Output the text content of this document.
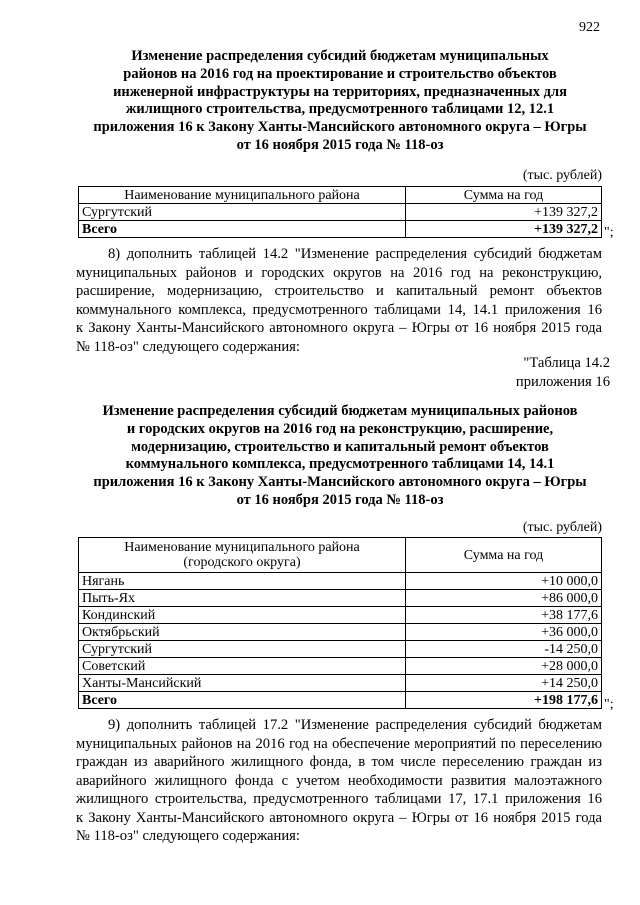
922
Изменение распределения субсидий бюджетам муниципальных
районов на 2016 год на проектирование и строительство объектов
инженерной инфраструктуры на территориях, предназначенных для
жилищного строительства, предусмотренного таблицами 12, 12.1
приложения 16 к Закону Ханты-Мансийского автономного округа – Югры
от 16 ноября 2015 года № 118-оз
(тыс. рублей)
Наименование муниципального района	Сумма на год
Сургутский	+139 327,2
Всего	+139 327,2 ";
8) дополнить таблицей 14.2 "Изменение распределения субсидий бюджетам
муниципальных районов и городских округов на 2016 год на реконструкцию,
расширение, модернизацию, строительство и капитальный ремонт объектов
коммунального комплекса, предусмотренного таблицами 14, 14.1 приложения 16
к Закону Ханты-Мансийского автономного округа – Югры от 16 ноября 2015 года
№ 118-оз" следующего содержания:
"Таблица 14.2
приложения 16
Изменение распределения субсидий бюджетам муниципальных районов
и городских округов на 2016 год на реконструкцию, расширение,
модернизацию, строительство и капитальный ремонт объектов
коммунального комплекса, предусмотренного таблицами 14, 14.1
приложения 16 к Закону Ханты-Мансийского автономного округа – Югры
от 16 ноября 2015 года № 118-оз
(тыс. рублей)
Наименование муниципального района
(городского округа)	Сумма на год
Нягань	+10 000,0
Пыть-Ях	+86 000,0
Кондинский	+38 177,6
Октябрьский	+36 000,0
Сургутский	-14 250,0
Советский	+28 000,0
Ханты-Мансийский	+14 250,0
Всего	+198 177,6 ";
9) дополнить таблицей 17.2 "Изменение распределения субсидий бюджетам
муниципальных районов на 2016 год на обеспечение мероприятий по переселению
граждан из аварийного жилищного фонда, в том числе переселению граждан из
аварийного жилищного фонда с учетом необходимости развития малоэтажного
жилищного строительства, предусмотренного таблицами 17, 17.1 приложения 16
к Закону Ханты-Мансийского автономного округа – Югры от 16 ноября 2015 года
№ 118-оз" следующего содержания:
